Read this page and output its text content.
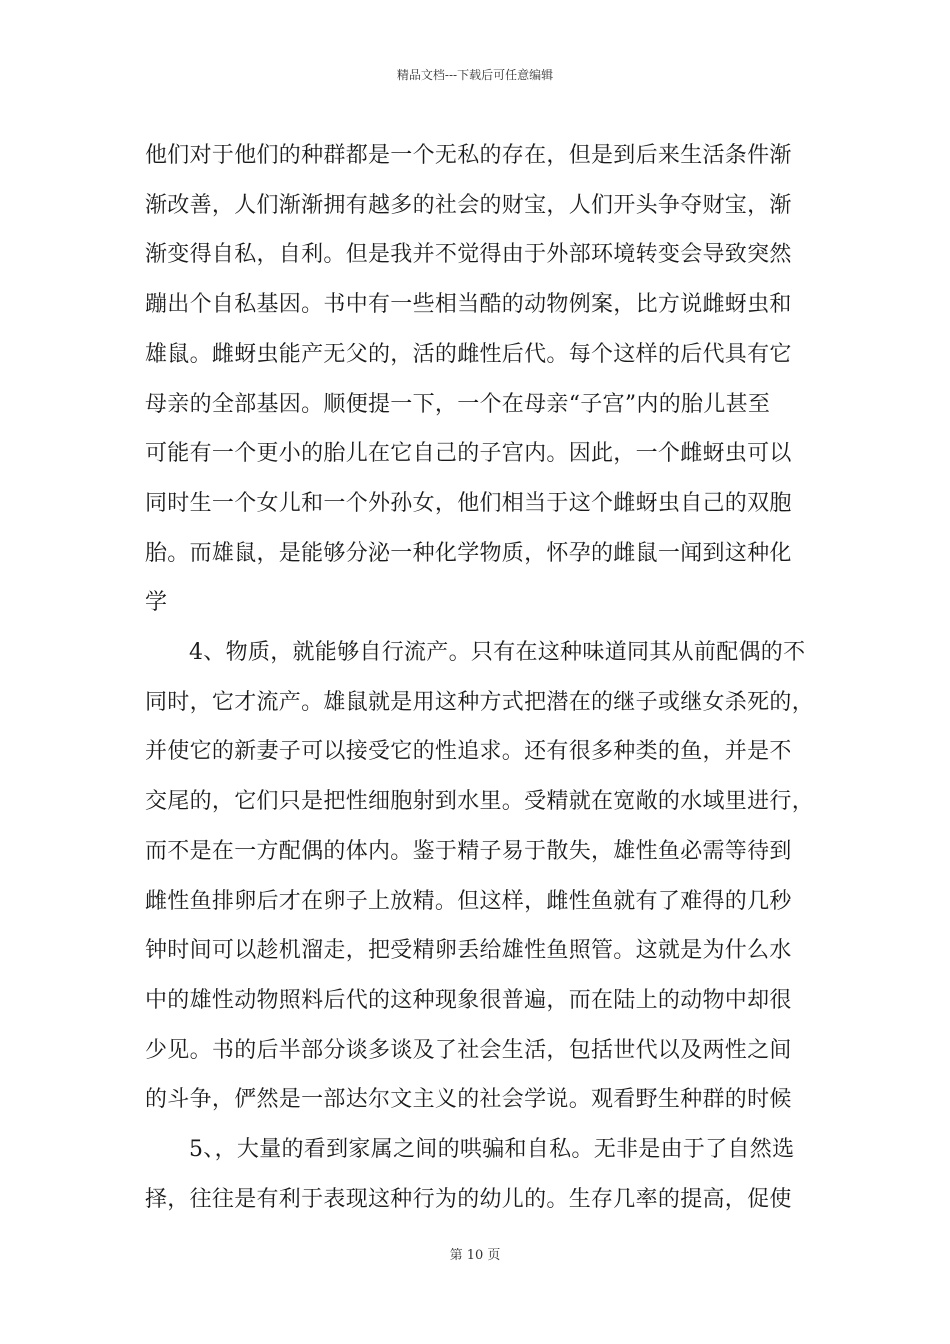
精品文档---下载后可任意编辑

他们对于他们的种群都是一个无私的存在，但是到后来生活条件渐
渐改善，人们渐渐拥有越多的社会的财宝，人们开头争夺财宝，渐
渐变得自私，自利。但是我并不觉得由于外部环境转变会导致突然
蹦出个自私基因。书中有一些相当酷的动物例案，比方说雌蚜虫和
雄鼠。雌蚜虫能产无父的，活的雌性后代。每个这样的后代具有它
母亲的全部基因。顺便提一下，一个在母亲“子宫”内的胎儿甚至
可能有一个更小的胎儿在它自己的子宫内。因此，一个雌蚜虫可以
同时生一个女儿和一个外孙女，他们相当于这个雌蚜虫自己的双胞
胎。而雄鼠，是能够分泌一种化学物质，怀孕的雌鼠一闻到这种化
学

4、物质，就能够自行流产。只有在这种味道同其从前配偶的不
同时，它才流产。雄鼠就是用这种方式把潜在的继子或继女杀死的，
并使它的新妻子可以接受它的性追求。还有很多种类的鱼，并是不
交尾的，它们只是把性细胞射到水里。受精就在宽敞的水域里进行，
而不是在一方配偶的体内。鉴于精子易于散失，雄性鱼必需等待到
雌性鱼排卵后才在卵子上放精。但这样，雌性鱼就有了难得的几秒
钟时间可以趁机溜走，把受精卵丢给雄性鱼照管。这就是为什么水
中的雄性动物照料后代的这种现象很普遍，而在陆上的动物中却很
少见。书的后半部分谈多谈及了社会生活，包括世代以及两性之间
的斗争，俨然是一部达尔文主义的社会学说。观看野生种群的时候

5、，大量的看到家属之间的哄骗和自私。无非是由于了自然选
择，往往是有利于表现这种行为的幼儿的。生存几率的提高，促使

第 10 页
